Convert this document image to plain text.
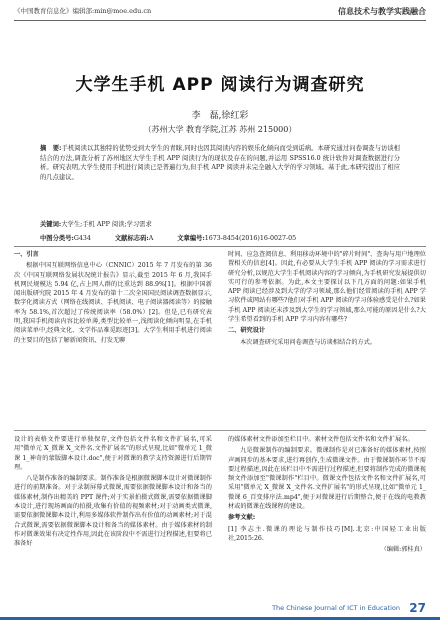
《中国教育信息化》编辑部:min@moe.edu.cn	信息技术与教学实践融合
大学生手机 APP 阅读行为调查研究
李　磊,徐红彩
（苏州大学 教育学院,江苏 苏州 215000）
摘　要:手机阅读以其独特的优势受到大学生的青睐,同时也因其阅读内容的娱乐化倾向而受到诟病。本研究通过问卷调查与访谈相结合的方法,调查分析了苏州地区大学生手机 APP 阅读行为的现状及存在的问题,并运用 SPSS16.0 统计软件对调查数据进行分析。研究表明,大学生使用手机进行阅读已是普遍行为,但手机 APP 阅读并未完全融入大学的学习领域。基于此,本研究提出了相应的几点建议。
关键词:大学生;手机 APP 阅读;学习需求
中图分类号:G434	文献标志码:A	文章编号:1673-8454(2016)16-0027-05

一、引言

根据中国互联网络信息中心（CNNIC）2015 年 7 月发布的第 36 次《中国互联网络发展状况统计报告》显示,截至 2015 年 6 月,我国手机网民规模达 5.94 亿,占上网人群的比重达到 88.9%[1]。根据中国新闻出版研究院 2015 年 4 月发布的第十二次全国国民阅读调查数据显示,数字化阅读方式（网络在线阅读、手机阅读、电子阅读器阅读等）的接触率为 58.1%,首次超过了传统阅读率（58.0%）[2]。但是,已有研究表明,我国手机阅读内容比较单薄,类型比较单一,浅阅读化倾向明显,在手机阅读菜单中,经典文化、文学作品难觅踪迹[3]。大学生利用手机进行阅读的主要目的包括了解新闻资讯、打发无聊

时间、应急查阅信息、利用移动环境中的"碎片时间"、查询与用户地理位置相关的信息[4]。因此,有必要从大学生手机 APP 阅读的学习需求进行研究分析,以规范大学生手机阅读内容的学习倾向,为手机研究发展提供切实可行的参考依据。为此,本文主要探讨以下几方面的问题:如果手机 APP 阅读已经涉及到大学的学习领域,那么他们经常阅读的手机 APP 学习软件或网站有哪些?他们对手机 APP 阅读的学习体验感受是什么?如果手机 APP 阅读还未涉及到大学生的学习领域,那么可能的原因是什么?大学生希望看到的手机 APP 学习内容有哪些?

二、研究设计

本次调查研究采用问卷调查与访谈相结合的方式。

设计的表格文件要进行单独保存,文件包括文件名和文件扩展名,可采用"微单元 X_微课 X_文件名.文件扩展名"的形式呈现,比如"微单元 1_微课 1_神奇的蒙版脚本设计.doc",便于对微课的教学支持资源进行后期管理。

八是制作准备的编制要求。制作准备是根据微课脚本设计对微课制作进行的前期准备。对于录制屏幕式微课,需要依据微课脚本设计和备当的媒体素材,制作出精美的 PPT 课件;对于实景拍摄式微课,需要依据微课脚本设计,进行现场画面的拍摄,收集有价值的视频素材;对于动画类式微课,需要依据微课脚本设计,利用多媒体软件制作出有价值的动画素材;对于混合式微课,需要依据微课脚本设计和备当的媒体素材。由于媒体素材的制作对微课效果有决定性作用,因此在该阶段中不需进行过程描述,但要将已准备好

的媒体素材文件添加至栏目中。素材文件包括文件名和文件扩展名。

九是微课制作的编制要求。微课制作是对已准备好的媒体素材,按照声画同步的基本要求,进行再创作,生成微课文件。由于微课制作环节不需要过程描述,因此在该栏目中不需进行过程描述,但要将制作完成的微课视频文件添加至"微课制作"栏目中。微课文件包括文件名和文件扩展名,可采用"微单元 X_微课 X_文件名.文件扩展名"的形式呈现,比如"微单元 1_微课 6_百变排序法.mp4",便于对微课进行后期整合,便于在线的电教教材或的微课在线课程的建设。

参考文献:

[1] 李志主.微课的理论与制作技巧[M].北京:中国轻工业出版社,2015:26.

（编辑:郭桂真）

The Chinese Journal of ICT in Education 27
